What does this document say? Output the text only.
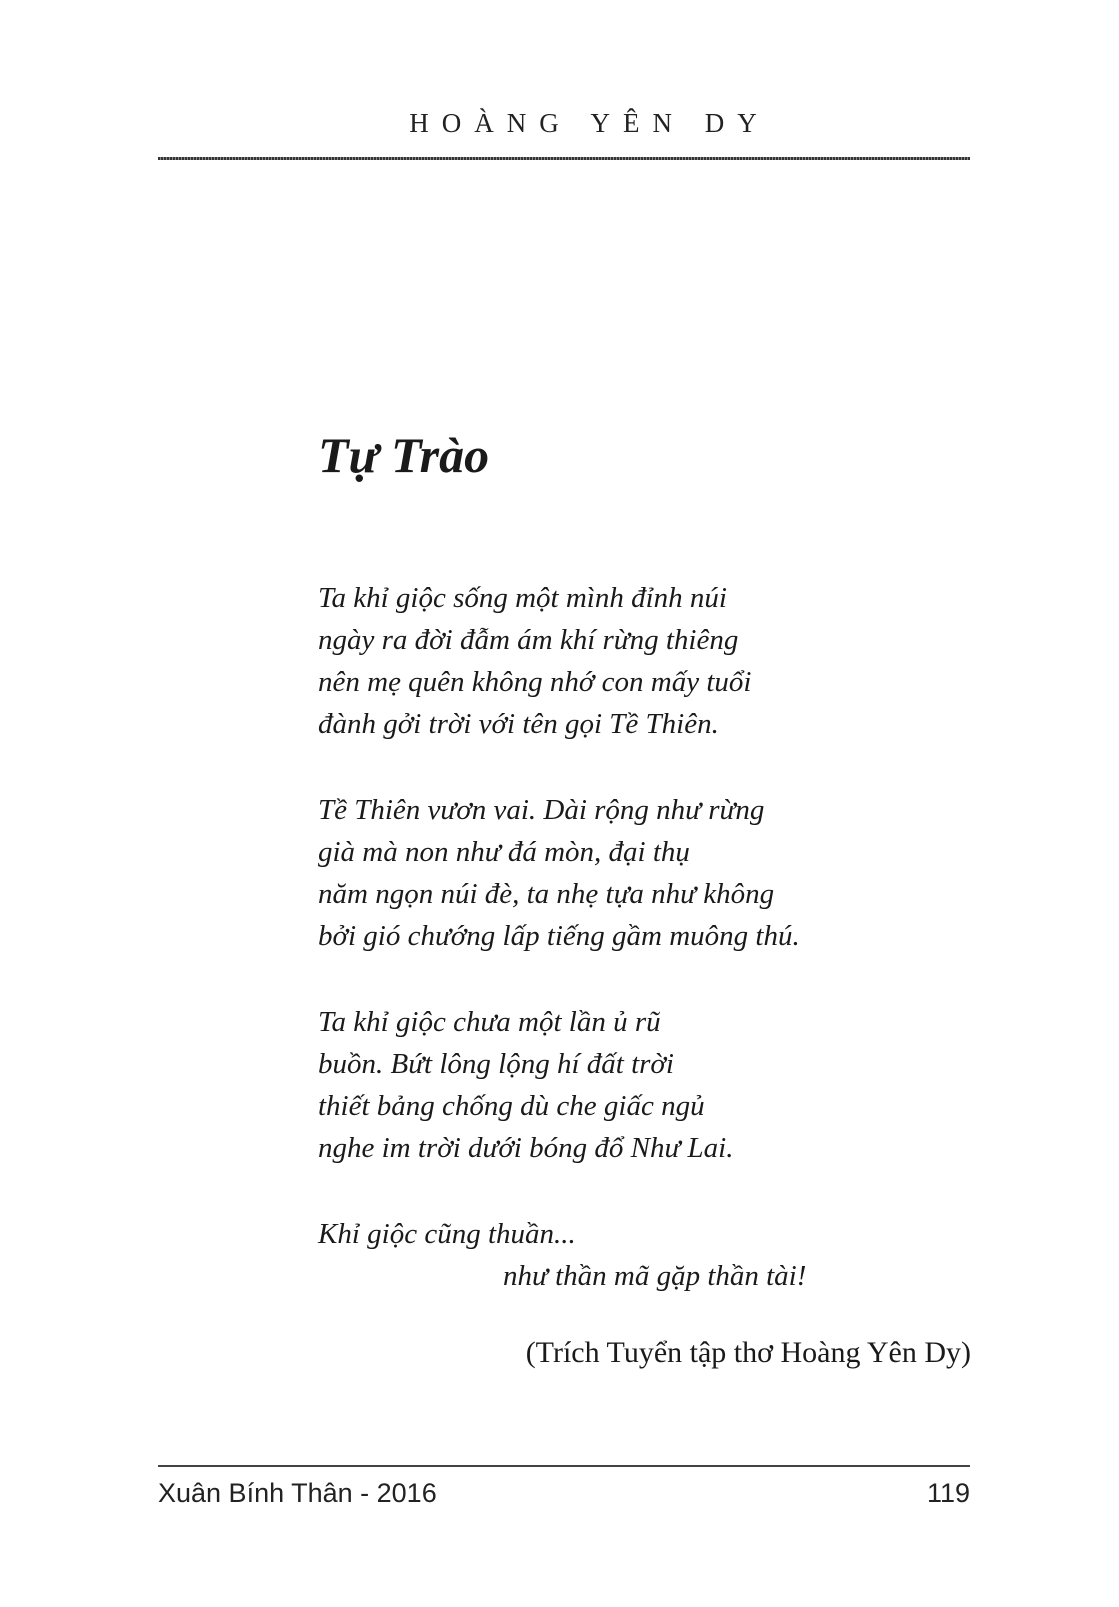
HOÀNG YÊN DY
Tự Trào
Ta khỉ giộc sống một mình đỉnh núi
ngày ra đời đẫm ám khí rừng thiêng
nên mẹ quên không nhớ con mấy tuổi
đành gởi trời với tên gọi Tề Thiên.
Tề Thiên vươn vai. Dài rộng như rừng
già mà non như đá mòn, đại thụ
năm ngọn núi đè, ta nhẹ tựa như không
bởi gió chướng lấp tiếng gầm muông thú.
Ta khỉ giộc chưa một lần ủ rũ
buồn. Bứt lông lộng hí đất trời
thiết bảng chống dù che giấc ngủ
nghe im trời dưới bóng đổ Như Lai.
Khỉ giộc cũng thuần...
như thần mã gặp thần tài!
(Trích Tuyển tập thơ Hoàng Yên Dy)
Xuân Bính Thân - 2016	119
